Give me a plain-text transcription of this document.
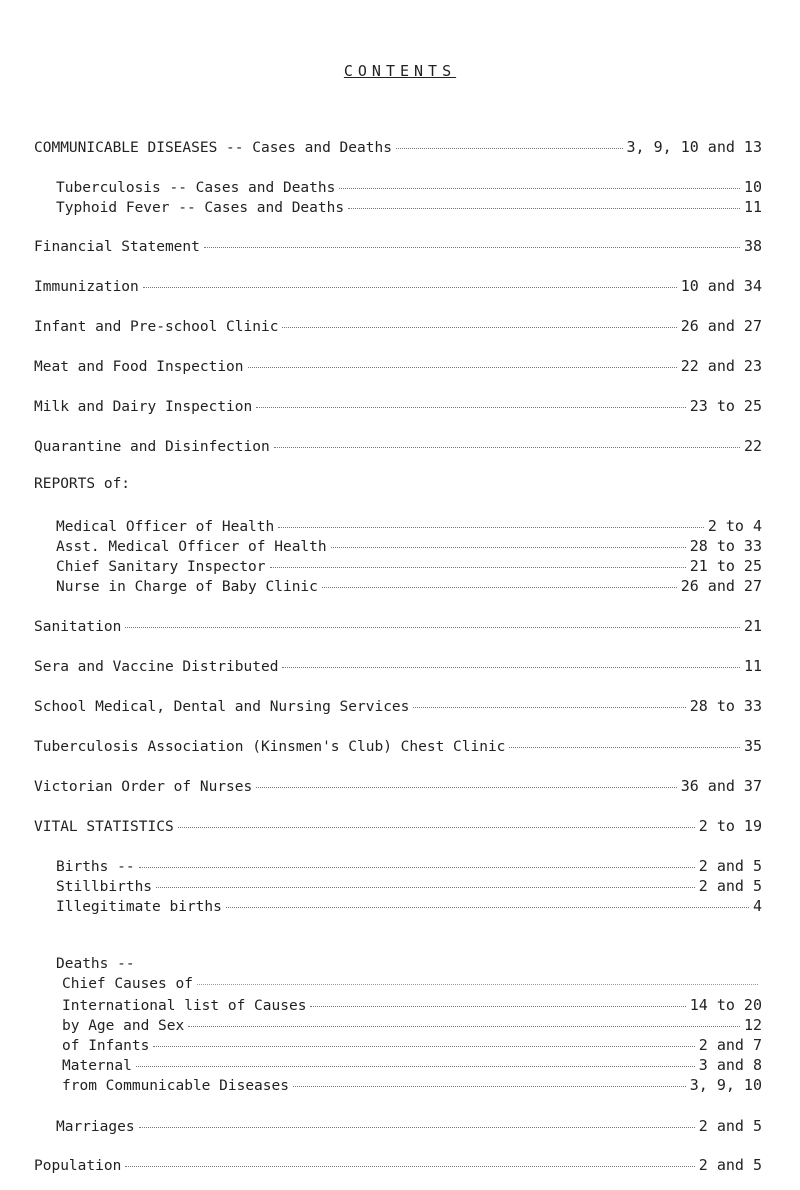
CONTENTS
COMMUNICABLE DISEASES -- Cases and Deaths	3, 9, 10 and 13
Tuberculosis -- Cases and Deaths	10
Typhoid Fever -- Cases and Deaths	11
Financial Statement	38
Immunization	10 and 34
Infant and Pre-school Clinic	26 and 27
Meat and Food Inspection	22 and 23
Milk and Dairy Inspection	23 to 25
Quarantine and Disinfection	22
REPORTS of:
Medical Officer of Health	2 to 4
Asst. Medical Officer of Health	28 to 33
Chief Sanitary Inspector	21 to 25
Nurse in Charge of Baby Clinic	26 and 27
Sanitation	21
Sera and Vaccine Distributed	11
School Medical, Dental and Nursing Services	28 to 33
Tuberculosis Association (Kinsmen's Club) Chest Clinic	35
Victorian Order of Nurses	36 and 37
VITAL STATISTICS	2 to 19
Births --	2 and 5
Stillbirths	2 and 5
Illegitimate births	4
Deaths --
Chief Causes of
International list of Causes	14 to 20
by Age and Sex	12
of Infants	2 and 7
Maternal	3 and 8
from Communicable Diseases	3, 9, 10
Marriages	2 and 5
Population	2 and 5
